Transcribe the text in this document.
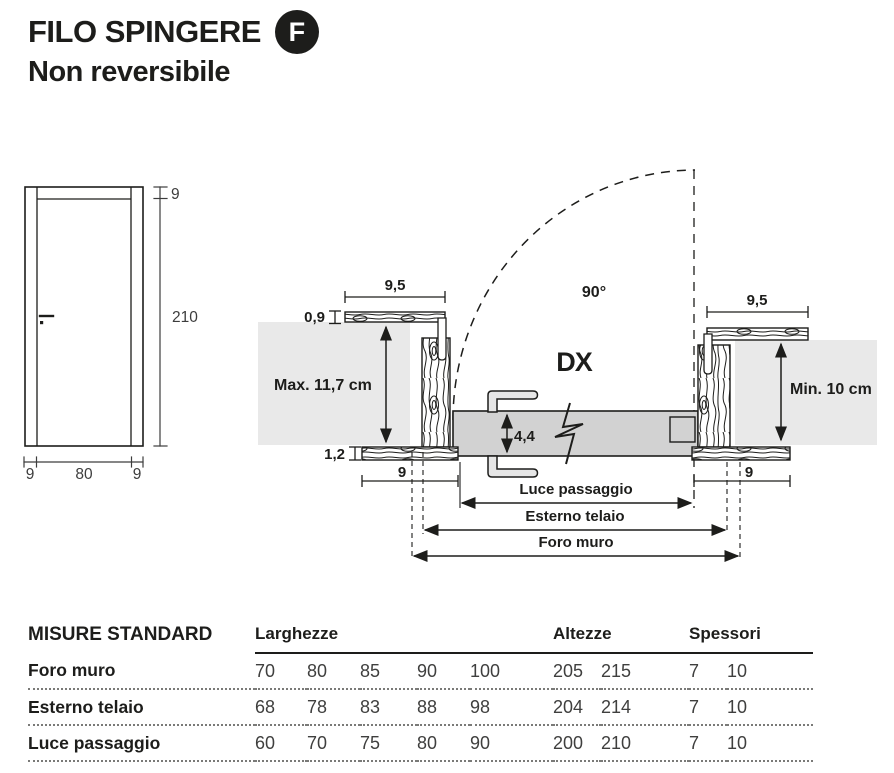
FILO SPINGERE	F
Non reversibile
9
210
9	80	9
9,5
9,5
0,9
1,2
Max. 11,7 cm	Min. 10 cm
90°
DX
4,4
9	9
Luce passaggio
Esterno telaio
Foro muro
MISURE STANDARD	Larghezze					Altezze		Spessori	
Foro muro	70	80	85	90	100	205	215	7	10
Esterno telaio	68	78	83	88	98	204	214	7	10
Luce passaggio	60	70	75	80	90	200	210	7	10
